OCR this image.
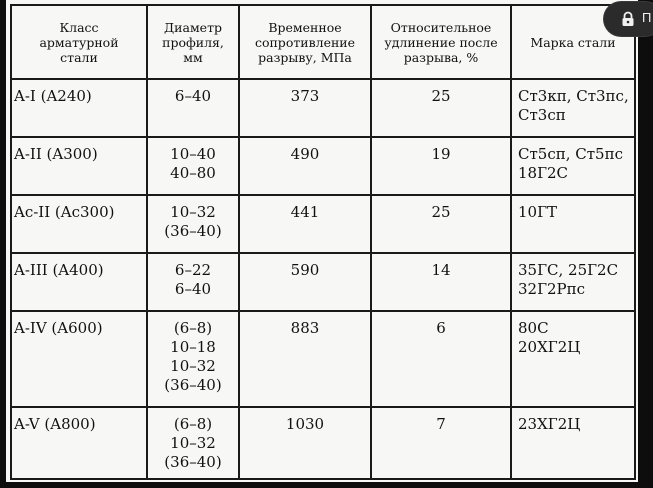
Класс
арматурной
стали	Диаметр
профиля,
мм	Временное
сопротивление
разрыву, МПа	Относительное
удлинение после
разрыва, %	Марка стали

A-I (A240)	6–40	373	25	Ст3кп, Ст3пс,
Ст3сп

A-II (A300)	10–40
40–80	490	19	Ст5сп, Ст5пс
18Г2С

Ac-II (Ac300)	10–32
(36–40)	441	25	10ГТ

A-III (A400)	6–22
6–40	590	14	35ГС, 25Г2С
32Г2Рпс

A-IV (A600)	(6–8)
10–18
10–32
(36–40)	883	6	80С
20ХГ2Ц

A-V (A800)	(6–8)
10–32
(36–40)	1030	7	23ХГ2Ц
П
